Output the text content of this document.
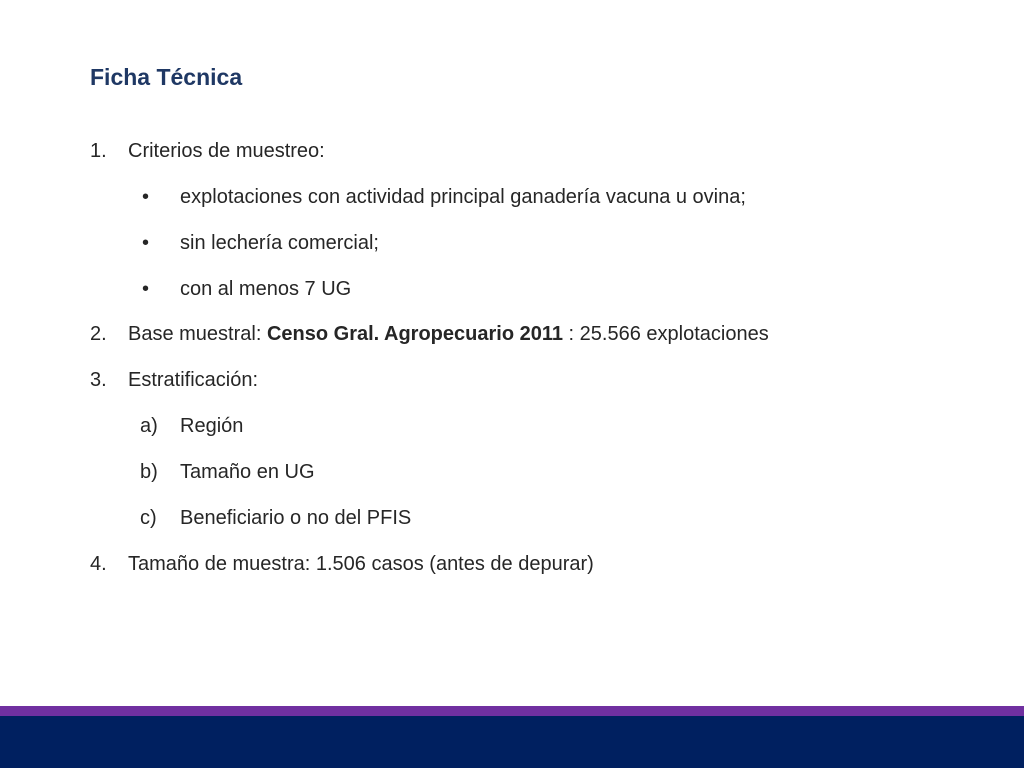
Ficha Técnica
1. Criterios de muestreo:
• explotaciones con actividad principal ganadería vacuna u ovina;
• sin lechería comercial;
• con al menos 7 UG
2. Base muestral: Censo Gral. Agropecuario 2011 : 25.566 explotaciones
3. Estratificación:
a) Región
b) Tamaño en UG
c) Beneficiario o no del PFIS
4. Tamaño de muestra: 1.506 casos (antes de depurar)
